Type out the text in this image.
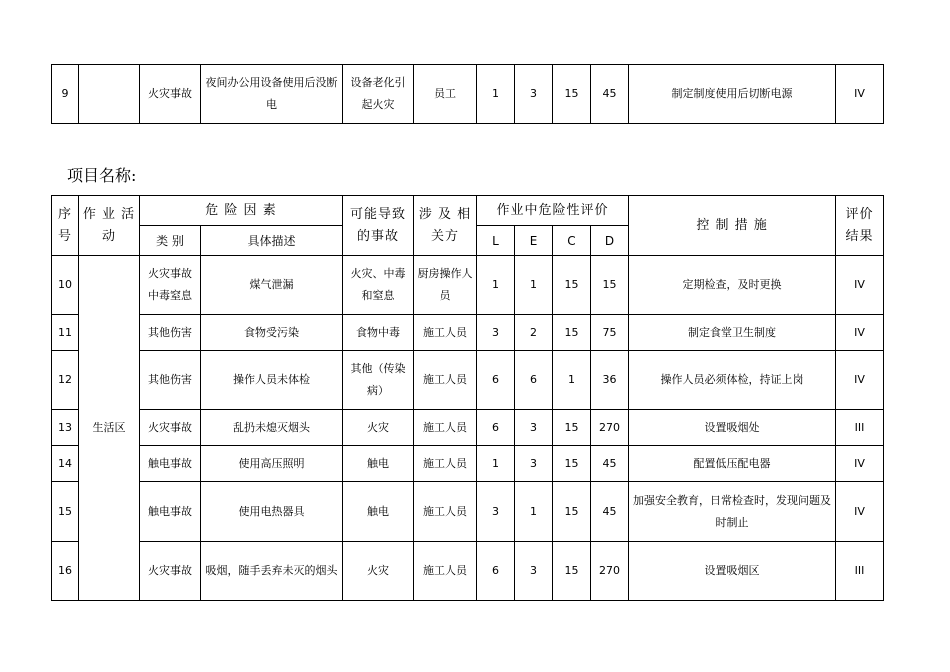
9		火灾事故	夜间办公用设备使用后没断电	设备老化引起火灾	员工	1	3	15	45	制定制度使用后切断电源	IV
项目名称:
序号	作 业 活 动	危 险 因 素		可能导致的事故	涉 及 相关方	作业中危险性评价				控 制 措 施	评价结果
		类 别	具体描述			L	E	C	D		
10	生活区	火灾事故中毒窒息	煤气泄漏	火灾、中毒和窒息	厨房操作人员	1	1	15	15	定期检查，及时更换	IV
11		其他伤害	食物受污染	食物中毒	施工人员	3	2	15	75	制定食堂卫生制度	IV
12		其他伤害	操作人员未体检	其他（传染病）	施工人员	6	6	1	36	操作人员必须体检，持证上岗	IV
13		火灾事故	乱扔未熄灭烟头	火灾	施工人员	6	3	15	270	设置吸烟处	III
14		触电事故	使用高压照明	触电	施工人员	1	3	15	45	配置低压配电器	IV
15		触电事故	使用电热器具	触电	施工人员	3	1	15	45	加强安全教育，日常检查时，发现问题及时制止	IV
16		火灾事故	吸烟，随手丢弃未灭的烟头	火灾	施工人员	6	3	15	270	设置吸烟区	III
